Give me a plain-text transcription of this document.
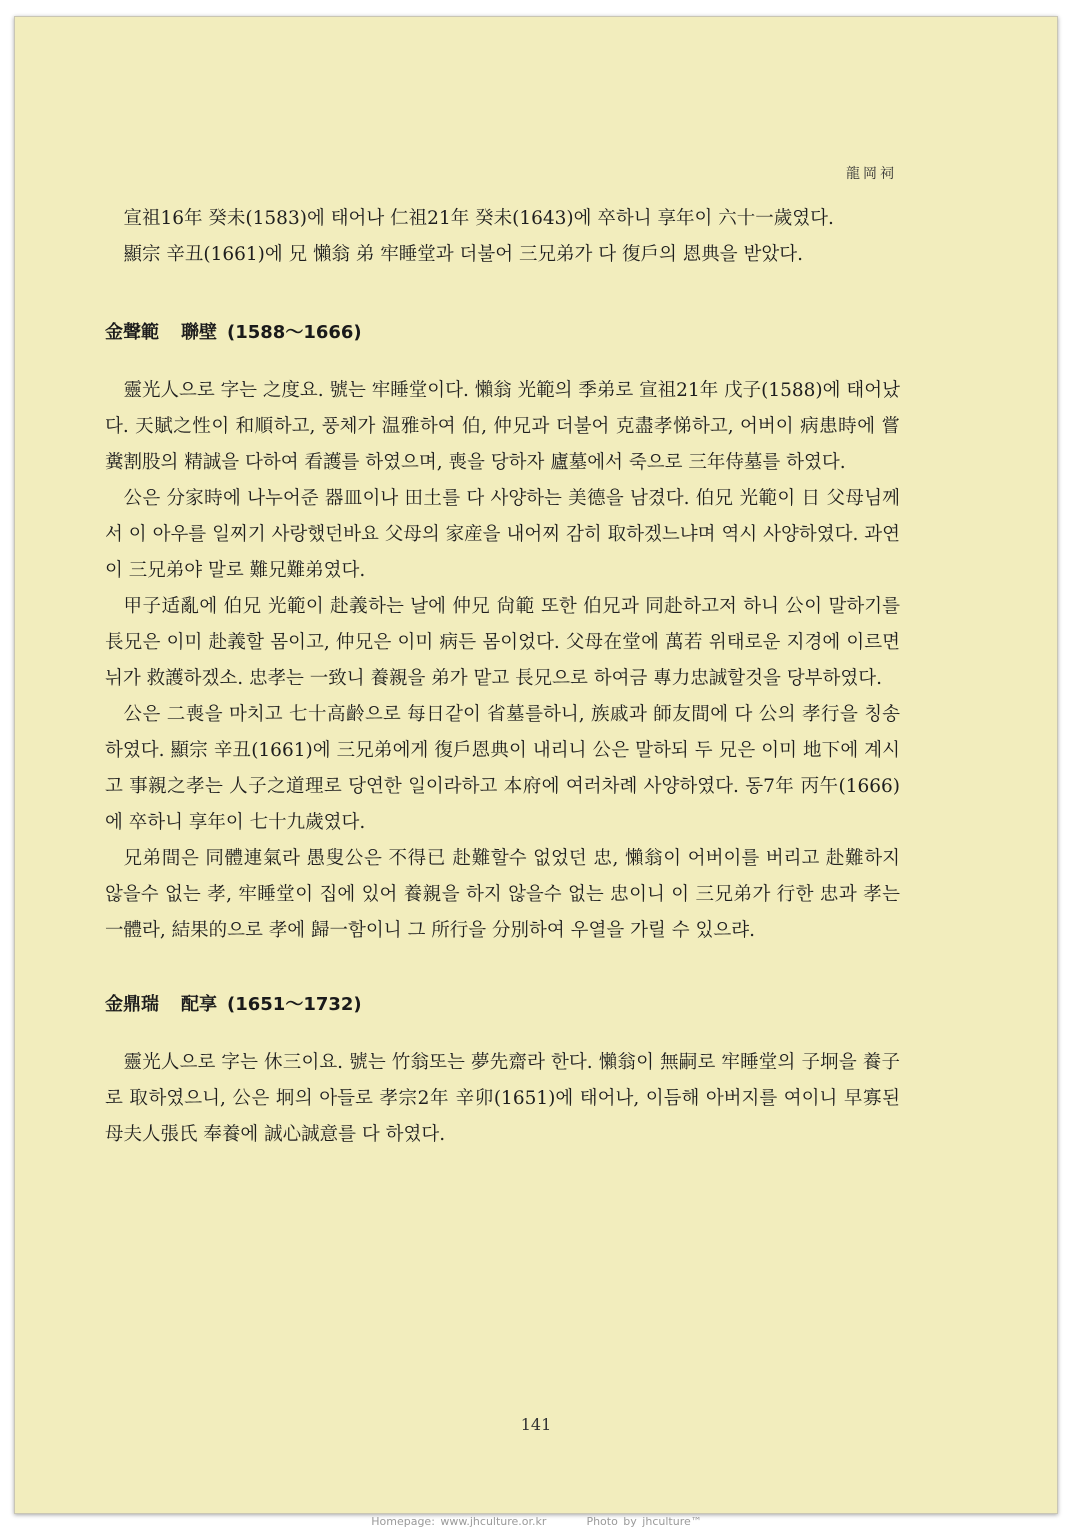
龍岡祠

宣祖16年 癸未(1583)에 태어나 仁祖21年 癸未(1643)에 卒하니 享年이 六十一歲였다.

顯宗 辛丑(1661)에 兄 懶翁 弟 牢睡堂과 더불어 三兄弟가 다 復戶의 恩典을 받았다.

金聲範 聯壁 (1588～1666)

靈光人으로 字는 之度요. 號는 牢睡堂이다. 懶翁 光範의 季弟로 宣祖21年 戊子(1588)에 태어났다. 天賦之性이 和順하고, 풍체가 温雅하여 伯, 仲兄과 더불어 克盡孝悌하고, 어버이 病患時에 嘗糞割股의 精誠을 다하여 看護를 하였으며, 喪을 당하자 廬墓에서 죽으로 三年侍墓를 하였다.

公은 分家時에 나누어준 器皿이나 田土를 다 사양하는 美德을 남겼다. 伯兄 光範이 日 父母님께서 이 아우를 일찌기 사랑했던바요 父母의 家産을 내어찌 감히 取하겠느냐며 역시 사양하였다. 과연 이 三兄弟야 말로 難兄難弟였다.

甲子适亂에 伯兄 光範이 赴義하는 날에 仲兄 尙範 또한 伯兄과 同赴하고저 하니 公이 말하기를 長兄은 이미 赴義할 몸이고, 仲兄은 이미 病든 몸이었다. 父母在堂에 萬若 위태로운 지경에 이르면 뉘가 救護하겠소. 忠孝는 一致니 養親을 弟가 맡고 長兄으로 하여금 專力忠誠할것을 당부하였다.

公은 二喪을 마치고 七十高齡으로 每日같이 省墓를하니, 族戚과 師友間에 다 公의 孝行을 칭송하였다. 顯宗 辛丑(1661)에 三兄弟에게 復戶恩典이 내리니 公은 말하되 두 兄은 이미 地下에 계시고 事親之孝는 人子之道理로 당연한 일이라하고 本府에 여러차례 사양하였다. 동7年 丙午(1666)에 卒하니 享年이 七十九歲였다.

兄弟間은 同體連氣라 愚叟公은 不得已 赴難할수 없었던 忠, 懶翁이 어버이를 버리고 赴難하지 않을수 없는 孝, 牢睡堂이 집에 있어 養親을 하지 않을수 없는 忠이니 이 三兄弟가 行한 忠과 孝는 一體라, 結果的으로 孝에 歸一함이니 그 所行을 分別하여 우열을 가릴 수 있으랴.

金鼎瑞 配享 (1651～1732)

靈光人으로 字는 休三이요. 號는 竹翁또는 夢先齋라 한다. 懶翁이 無嗣로 牢睡堂의 子坰을 養子로 取하였으니, 公은 坰의 아들로 孝宗2年 辛卯(1651)에 태어나, 이듬해 아버지를 여이니 早寡된 母夫人張氏 奉養에 誠心誠意를 다 하였다.

141
Homepage: www.jhculture.or.kr	Photo by jhculture™
